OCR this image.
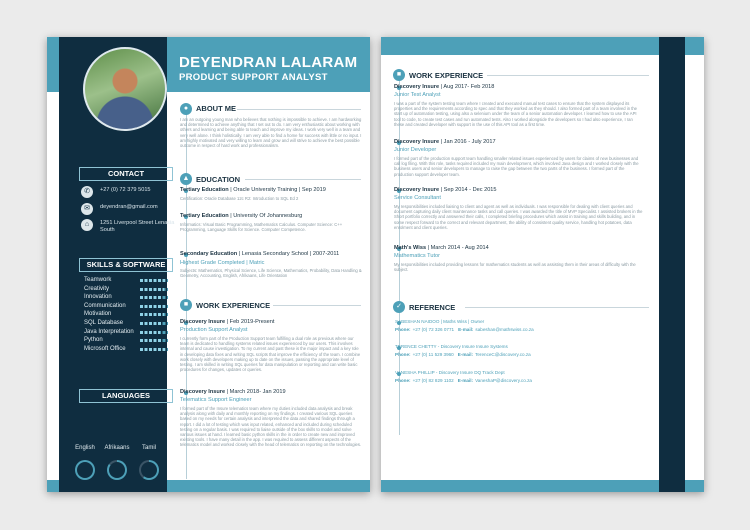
CONTACT
✆	+27 (0) 72 379 5015
✉	deyendran@gmail.com
⌂	1251 Liverpool Street Lenasia South
SKILLS & SOFTWARE
Teamwork
Creativity
Innovation
Communication
Motivation
SQL Database
Java Interpretation
Python
Microsoft Office
LANGUAGES
English	Afrikaans	Tamil
DEYENDRAN LALARAM
PRODUCT SUPPORT ANALYST
●	ABOUT ME
I am an outgoing young man who believes that nothing is impossible to achieve. I am hardworking and determined to achieve anything that I set out to do. I am very enthusiastic about working with others and learning and being able to teach and improve my ideas. I work very well in a team and very well alone. I think holistically. I am very able to find a home for success with little or no input. I am highly motivated and very willing to learn and grow and will strive to achieve the best possible outcome in respect of hard work and professionalism.
▲ EDUCATION
Tertiary Education | Oracle University Training | Sep 2019
Certification: Oracle Database 12c R2: Introduction to SQL Ed 2
Tertiary Education | University Of Johannesburg
Informatics: Visual Basic Programming, Mathematics Calculus. Computer Science: C++ Programming, Language Skills for Science. Computer Competence.
Secondary Education | Lenasia Secondary School | 2007-2011
Highest Grade Completed | Matric
Subjects: Mathematics, Physical Science, Life Science, Mathematics, Probability, Data Handling & Geometry, Accounting, English, Afrikaans, Life Orientation
■	WORK EXPERIENCE
Discovery Insure | Feb 2019-Present
Production Support Analyst
I currently form part of the Production Support team fulfilling a dual role as previous where our team is dedicated to handling systems related issues experienced by our users. This involves internal and cause investigation. To my current and past these is the major impact and a key role in developing data fixes and writing SQL scripts that improve the efficiency of the team. I combine work closely with developers making up to date on the issues, passing the appropriate level of testing. I am skilled in writing SQL queries for data manipulation or reporting and can write basic procedures for changes, updates or queries.
Discovery Insure | March 2018- Jan 2019
Telematics Support Engineer
I formed part of the Insure telematics team where my duties included data analysis and break analysis along with daily and monthly reporting on my findings. I created various SQL queries based on my needs for certain analysis and interpreted the data and shared findings through a report. I did a lot of testing which was input related, enhanced and included during scheduled testing on a regular basis. I was required to liaise outside of the box skills to model and solve various issues at hand. I learned basic python skills in the in order to create new and improved existing tools. I have many detail in the app. I was required to assess different aspects of the telematics model and worked closely with the head of telematics on reporting on the technologies.
■	WORK EXPERIENCE
Discovery Insure | Aug 2017- Feb 2018
Junior Test Analyst
I was a part of the system testing team where I created and executed manual test cases to ensure that the system displayed its properties and the requirements according to spec and that they worked as they should. I also formed part of a team involved in the start up of automation testing, using also a selenium under the team of a senior automation developer. I learned how to use the API tool to code, to create test cases and run automated tests. Also I worked alongside the developers so I had also experience, I ran these and created developer with support in the use of this API tool as a first time.
Discovery Insure | Jan 2016 - July 2017
Junior Developer
I formed part of the production support team handling smaller related issues experienced by users for claims of new businesses and call log filing. With this role, tasks required included my main development, which involved Java design and I worked closely with the business users and senior developers to manage to raise the gap between the two parts of the business. I formed part of the production support developer team.
Discovery Insure | Sep 2014 - Dec 2015
Service Consultant
My responsibilities included liaising to client and agent as well as individuals. I was responsible for dealing with client queries and document capturing daily client maintenance tasks and call queries. I was awarded the title of MVP Specialist. I assisted brokers in the Short portfolio correctly and answered their calls, I completed briefing procedures which assist in training and skills building, and in some respect forward to the correct and relevant department, the ability of consistent quality service, handling hot potatoes, data enrolment and client queries.
Math's Wiss | March 2014 - Aug 2014
Mathematics Tutor
My responsibilities included providing lessons for mathematics students as well as assisting them in their areas of difficulty with the subject.
✓ REFERENCE
SABESHAN NAIDOO | Maths Wiss | Owner
Phone: +27 (0) 72 326 0771 E-mail: sabeshan@mathswiss.co.za
TERENCE CHETTY - Discovery Insure Insure Systems
Phone: +27 (0) 11 529 3960 E-mail: TerenceC@discovery.co.za
VANESHA PHILLIP - Discovery Insure DQ Track Dept
Phone: +27 (0) 82 829 1102 E-mail: VaneshaP@discovery.co.za
